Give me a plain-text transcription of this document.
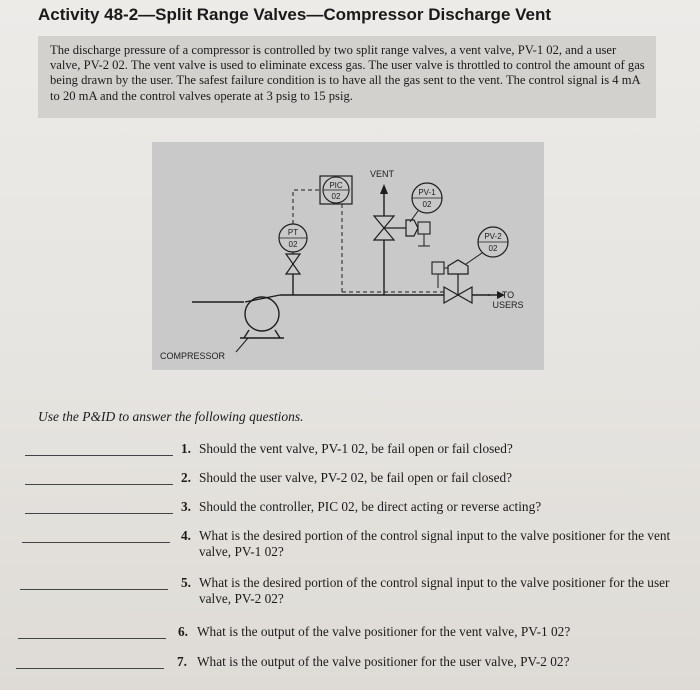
Activity 48-2—Split Range Valves—Compressor Discharge Vent
The discharge pressure of a compressor is controlled by two split range valves, a vent valve, PV-1 02, and a user valve, PV-2 02. The vent valve is used to eliminate excess gas. The user valve is throttled to control the amount of gas being drawn by the user. The safest failure condition is to have all the gas sent to the vent. The control signal is 4 mA to 20 mA and the control valves operate at 3 psig to 15 psig.
VENT
PIC
02	PV-1
02
PV-2
02
PT
02
TO
USERS
COMPRESSOR
Use the P&ID to answer the following questions.
1. Should the vent valve, PV-1 02, be fail open or fail closed?
2. Should the user valve, PV-2 02, be fail open or fail closed?
3. Should the controller, PIC 02, be direct acting or reverse acting?
4. What is the desired portion of the control signal input to the valve positioner for the vent valve, PV-1 02?
5. What is the desired portion of the control signal input to the valve positioner for the user valve, PV-2 02?
6. What is the output of the valve positioner for the vent valve, PV-1 02?
7. What is the output of the valve positioner for the user valve, PV-2 02?
